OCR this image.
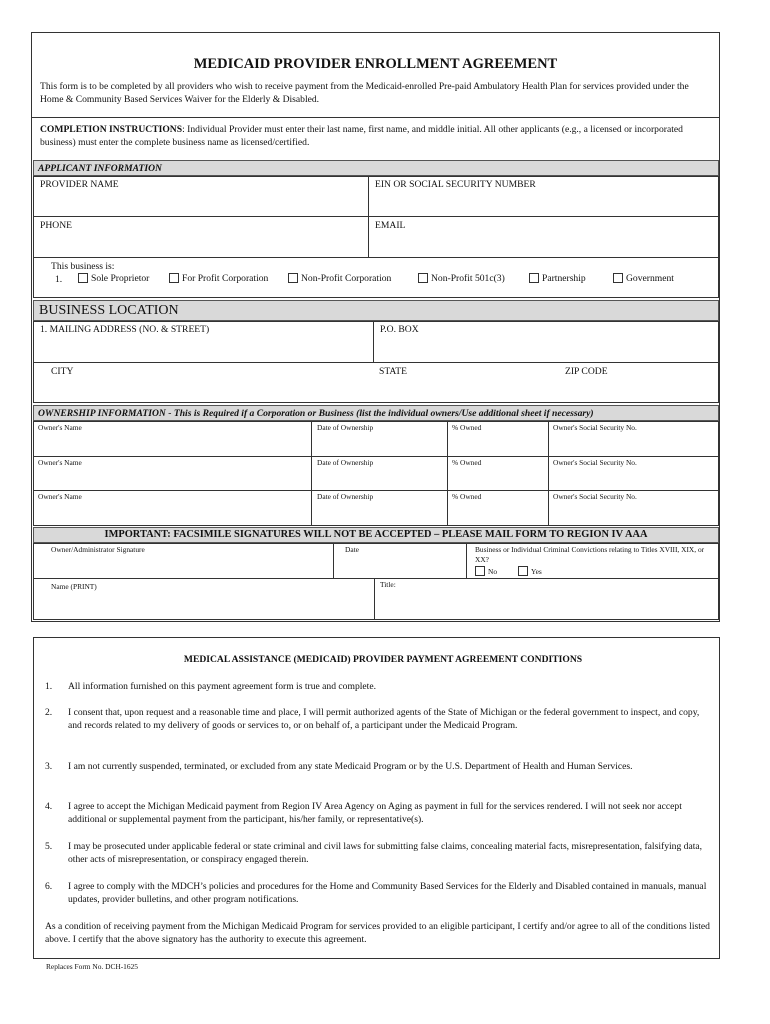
MEDICAID PROVIDER ENROLLMENT AGREEMENT
This form is to be completed by all providers who wish to receive payment from the Medicaid-enrolled Pre-paid Ambulatory Health Plan for services provided under the Home & Community Based Services Waiver for the Elderly & Disabled.
COMPLETION INSTRUCTIONS: Individual Provider must enter their last name, first name, and middle initial. All other applicants (e.g., a licensed or incorporated business) must enter the complete business name as licensed/certified.
APPLICANT INFORMATION
PROVIDER NAME	EIN OR SOCIAL SECURITY NUMBER
PHONE	EMAIL
This business is:
1.	Sole Proprietor	For Profit Corporation	Non-Profit Corporation	Non-Profit 501c(3)	Partnership	Government
BUSINESS LOCATION
1. MAILING ADDRESS (NO. & STREET)	P.O. BOX
CITY	STATE	ZIP CODE
OWNERSHIP INFORMATION - This is Required if a Corporation or Business (list the individual owners/Use additional sheet if necessary)
Owner's Name	Date of Ownership	% Owned	Owner's Social Security No.
Owner's Name	Date of Ownership	% Owned	Owner's Social Security No.
Owner's Name	Date of Ownership	% Owned	Owner's Social Security No.
IMPORTANT: FACSIMILE SIGNATURES WILL NOT BE ACCEPTED – PLEASE MAIL FORM TO REGION IV AAA
Owner/Administrator Signature	Date	Business or Individual Criminal Convictions relating to Titles XVIII, XIX, or XX?
No	Yes
Name (PRINT)	Title:
MEDICAL ASSISTANCE (MEDICAID) PROVIDER PAYMENT AGREEMENT CONDITIONS
1. All information furnished on this payment agreement form is true and complete.

2. I consent that, upon request and a reasonable time and place, I will permit authorized agents of the State of Michigan or the federal government to inspect, and copy, and records related to my delivery of goods or services to, or on behalf of, a participant under the Medicaid Program.

3. I am not currently suspended, terminated, or excluded from any state Medicaid Program or by the U.S. Department of Health and Human Services.

4. I agree to accept the Michigan Medicaid payment from Region IV Area Agency on Aging as payment in full for the services rendered. I will not seek nor accept additional or supplemental payment from the participant, his/her family, or representative(s).

5. I may be prosecuted under applicable federal or state criminal and civil laws for submitting false claims, concealing material facts, misrepresentation, falsifying data, other acts of misrepresentation, or conspiracy engaged therein.

6. I agree to comply with the MDCH’s policies and procedures for the Home and Community Based Services for the Elderly and Disabled contained in manuals, manual updates, provider bulletins, and other program notifications.

As a condition of receiving payment from the Michigan Medicaid Program for services provided to an eligible participant, I certify and/or agree to all of the conditions listed above. I certify that the above signatory has the authority to execute this agreement.
Replaces Form No. DCH-1625
